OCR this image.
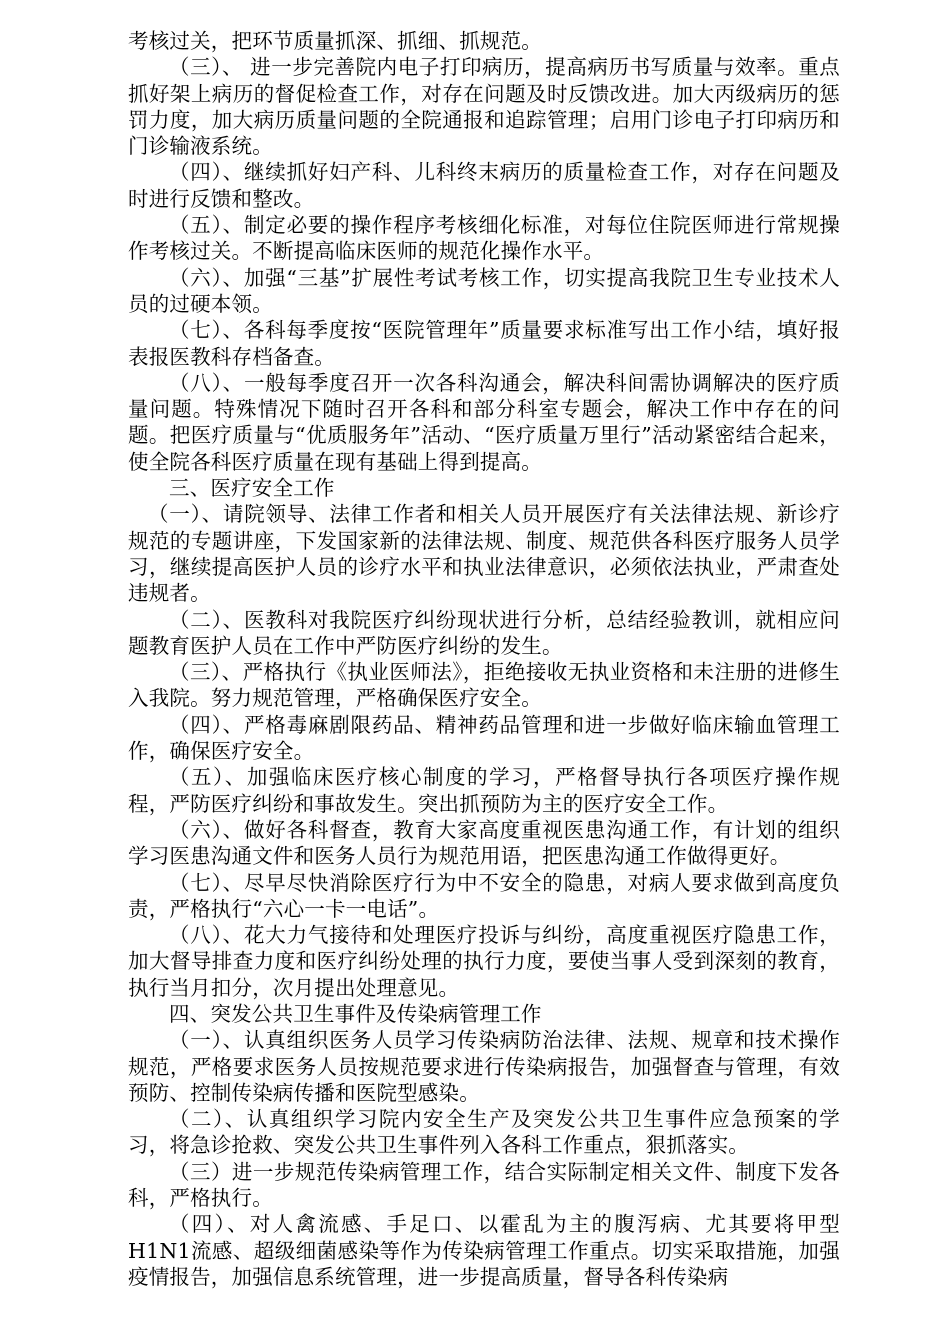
考核过关，把环节质量抓深、抓细、抓规范。

（三）、 进一步完善院内电子打印病历，提高病历书写质量与效率。重点抓好架上病历的督促检查工作，对存在问题及时反馈改进。加大丙级病历的惩罚力度，加大病历质量问题的全院通报和追踪管理；启用门诊电子打印病历和门诊输液系统。

（四）、继续抓好妇产科、儿科终末病历的质量检查工作，对存在问题及时进行反馈和整改。

（五）、制定必要的操作程序考核细化标准，对每位住院医师进行常规操作考核过关。不断提高临床医师的规范化操作水平。

（六）、加强“三基”扩展性考试考核工作，切实提高我院卫生专业技术人员的过硬本领。

（七）、各科每季度按“医院管理年”质量要求标准写出工作小结，填好报表报医教科存档备查。

（八）、一般每季度召开一次各科沟通会，解决科间需协调解决的医疗质量问题。特殊情况下随时召开各科和部分科室专题会，解决工作中存在的问题。把医疗质量与“优质服务年”活动、“医疗质量万里行”活动紧密结合起来，使全院各科医疗质量在现有基础上得到提高。

三、医疗安全工作

（一）、请院领导、法律工作者和相关人员开展医疗有关法律法规、新诊疗规范的专题讲座，下发国家新的法律法规、制度、规范供各科医疗服务人员学习，继续提高医护人员的诊疗水平和执业法律意识，必须依法执业，严肃查处违规者。

（二）、医教科对我院医疗纠纷现状进行分析，总结经验教训，就相应问题教育医护人员在工作中严防医疗纠纷的发生。

（三）、严格执行《执业医师法》，拒绝接收无执业资格和未注册的进修生入我院。努力规范管理，严格确保医疗安全。

（四）、严格毒麻剧限药品、精神药品管理和进一步做好临床输血管理工作，确保医疗安全。

（五）、加强临床医疗核心制度的学习，严格督导执行各项医疗操作规程，严防医疗纠纷和事故发生。突出抓预防为主的医疗安全工作。

（六）、做好各科督查，教育大家高度重视医患沟通工作，有计划的组织学习医患沟通文件和医务人员行为规范用语，把医患沟通工作做得更好。

（七）、尽早尽快消除医疗行为中不安全的隐患，对病人要求做到高度负责，严格执行“六心一卡一电话”。

（八）、花大力气接待和处理医疗投诉与纠纷，高度重视医疗隐患工作，加大督导排查力度和医疗纠纷处理的执行力度，要使当事人受到深刻的教育，执行当月扣分，次月提出处理意见。

四、突发公共卫生事件及传染病管理工作

（一）、认真组织医务人员学习传染病防治法律、法规、规章和技术操作规范，严格要求医务人员按规范要求进行传染病报告，加强督查与管理，有效预防、控制传染病传播和医院型感染。

（二）、认真组织学习院内安全生产及突发公共卫生事件应急预案的学习，将急诊抢救、突发公共卫生事件列入各科工作重点，狠抓落实。

（三）进一步规范传染病管理工作，结合实际制定相关文件、制度下发各科，严格执行。

（四）、对人禽流感、手足口、以霍乱为主的腹泻病、尤其要将甲型H1N1流感、超级细菌感染等作为传染病管理工作重点。切实采取措施，加强疫情报告，加强信息系统管理，进一步提高质量，督导各科传染病
